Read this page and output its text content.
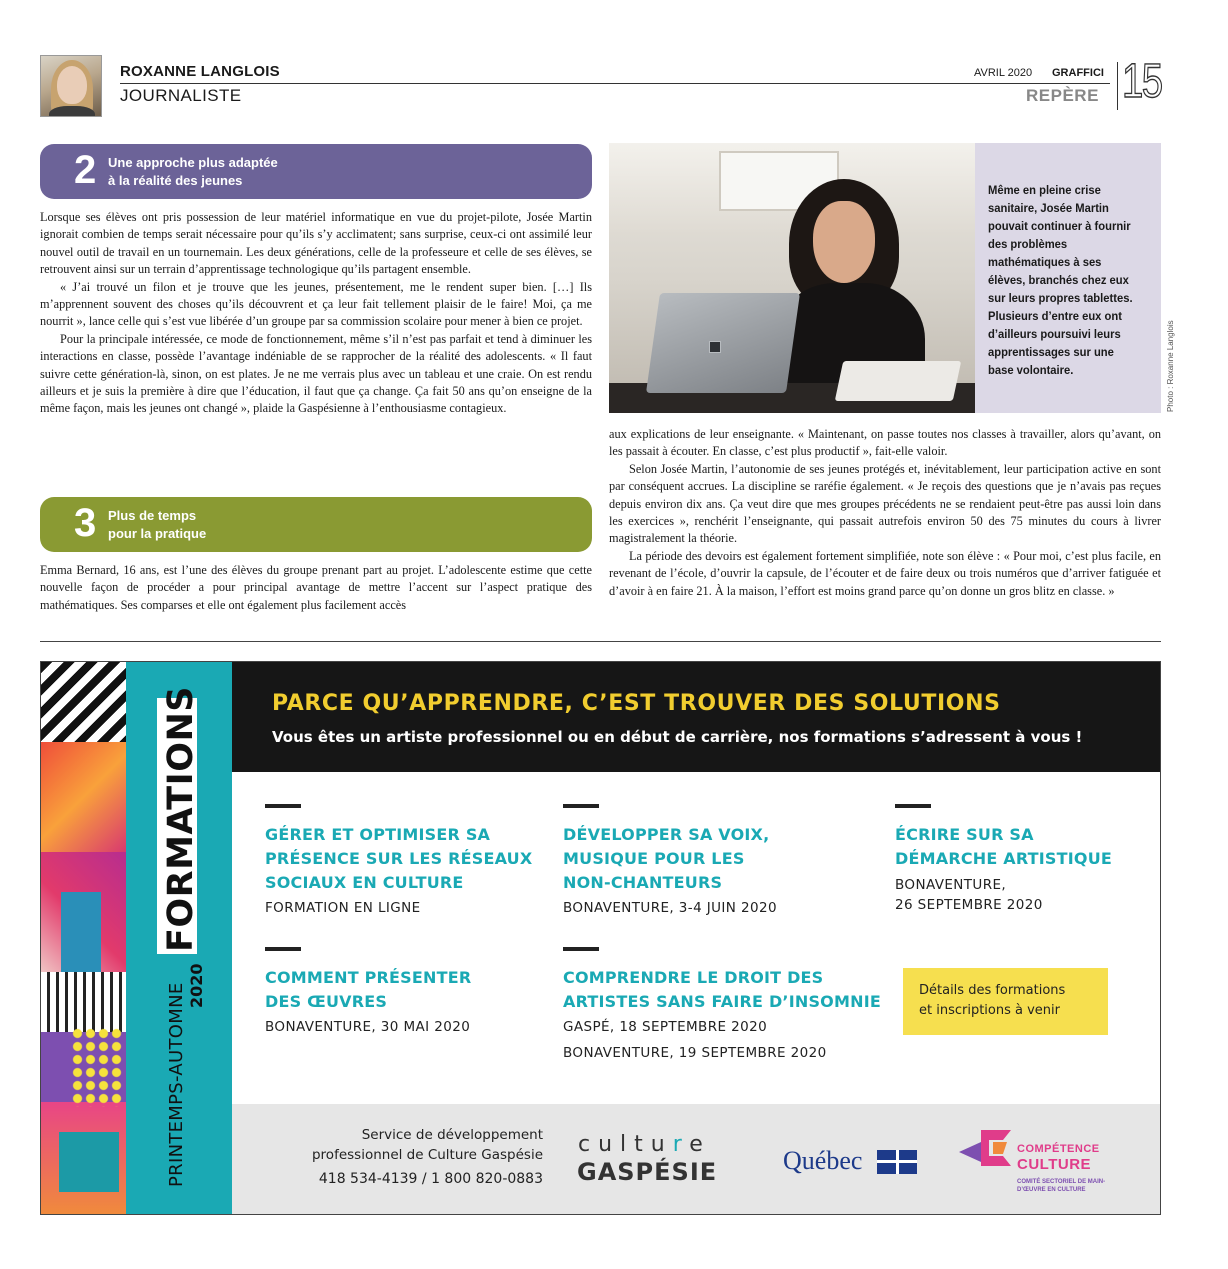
ROXANNE LANGLOIS
JOURNALISTE
AVRIL 2020 GRAFFICI
REPÈRE 15
2 Une approche plus adaptée
à la réalité des jeunes

Lorsque ses élèves ont pris possession de leur matériel informatique en vue du projet-pilote, Josée Martin ignorait combien de temps serait nécessaire pour qu’ils s’y acclimatent; sans surprise, ceux-ci ont assimilé leur nouvel outil de travail en un tournemain. Les deux générations, celle de la professeure et celle de ses élèves, se retrouvent ainsi sur un terrain d’apprentissage technologique qu’ils partagent ensemble.

« J’ai trouvé un filon et je trouve que les jeunes, présentement, me le rendent super bien. […] Ils m’apprennent souvent des choses qu’ils découvrent et ça leur fait tellement plaisir de le faire! Moi, ça me nourrit », lance celle qui s’est vue libérée d’un groupe par sa commission scolaire pour mener à bien ce projet.

Pour la principale intéressée, ce mode de fonctionnement, même s’il n’est pas parfait et tend à diminuer les interactions en classe, possède l’avantage indéniable de se rapprocher de la réalité des adolescents. « Il faut suivre cette génération-là, sinon, on est plates. Je ne me verrais plus avec un tableau et une craie. On est rendu ailleurs et je suis la première à dire que l’éducation, il faut que ça change. Ça fait 50 ans qu’on enseigne de la même façon, mais les jeunes ont changé », plaide la Gaspésienne à l’enthousiasme contagieux.

3 Plus de temps
pour la pratique

Emma Bernard, 16 ans, est l’une des élèves du groupe prenant part au projet. L’adolescente estime que cette nouvelle façon de procéder a pour principal avantage de mettre l’accent sur l’aspect pratique des mathématiques. Ses comparses et elle ont également plus facilement accès

Même en pleine crise sanitaire, Josée Martin pouvait continuer à fournir des problèmes mathématiques à ses élèves, branchés chez eux sur leurs propres tablettes. Plusieurs d’entre eux ont d’ailleurs poursuivi leurs apprentissages sur une base volontaire.	Photo : Roxanne Langlois

aux explications de leur enseignante. « Maintenant, on passe toutes nos classes à travailler, alors qu’avant, on les passait à écouter. En classe, c’est plus productif », fait-elle valoir.

Selon Josée Martin, l’autonomie de ses jeunes protégés et, inévitablement, leur participation active en sont par conséquent accrues. La discipline se raréfie également. « Je reçois des questions que je n’avais pas reçues depuis environ dix ans. Ça veut dire que mes groupes précédents ne se rendaient peut-être pas aussi loin dans les exercices », renchérit l’enseignante, qui passait autrefois environ 50 des 75 minutes du cours à livrer magistralement la théorie.

La période des devoirs est également fortement simplifiée, note son élève : « Pour moi, c’est plus facile, en revenant de l’école, d’ouvrir la capsule, de l’écouter et de faire deux ou trois numéros que d’arriver fatiguée et d’avoir à en faire 21. À la maison, l’effort est moins grand parce qu’on donne un gros blitz en classe. »

FORMATIONS
PRINTEMPS-AUTOMNE 2020
PARCE QU’APPRENDRE, C’EST TROUVER DES SOLUTIONS
Vous êtes un artiste professionnel ou en début de carrière, nos formations s’adressent à vous !
GÉRER ET OPTIMISER SA
PRÉSENCE SUR LES RÉSEAUX
SOCIAUX EN CULTURE
FORMATION EN LIGNE
DÉVELOPPER SA VOIX,
MUSIQUE POUR LES
NON-CHANTEURS
BONAVENTURE, 3-4 JUIN 2020
ÉCRIRE SUR SA
DÉMARCHE ARTISTIQUE
BONAVENTURE,
26 SEPTEMBRE 2020
COMMENT PRÉSENTER
DES ŒUVRES
BONAVENTURE, 30 MAI 2020
COMPRENDRE LE DROIT DES
ARTISTES SANS FAIRE D’INSOMNIE
GASPÉ, 18 SEPTEMBRE 2020
BONAVENTURE, 19 SEPTEMBRE 2020
Détails des formations
et inscriptions à venir
Service de développement
professionnel de Culture Gaspésie
418 534-4139 / 1 800 820-0883
culture
GASPÉSIE	Québec	COMPÉTENCE
CULTURE
COMITÉ SECTORIEL DE MAIN-D’ŒUVRE EN CULTURE
